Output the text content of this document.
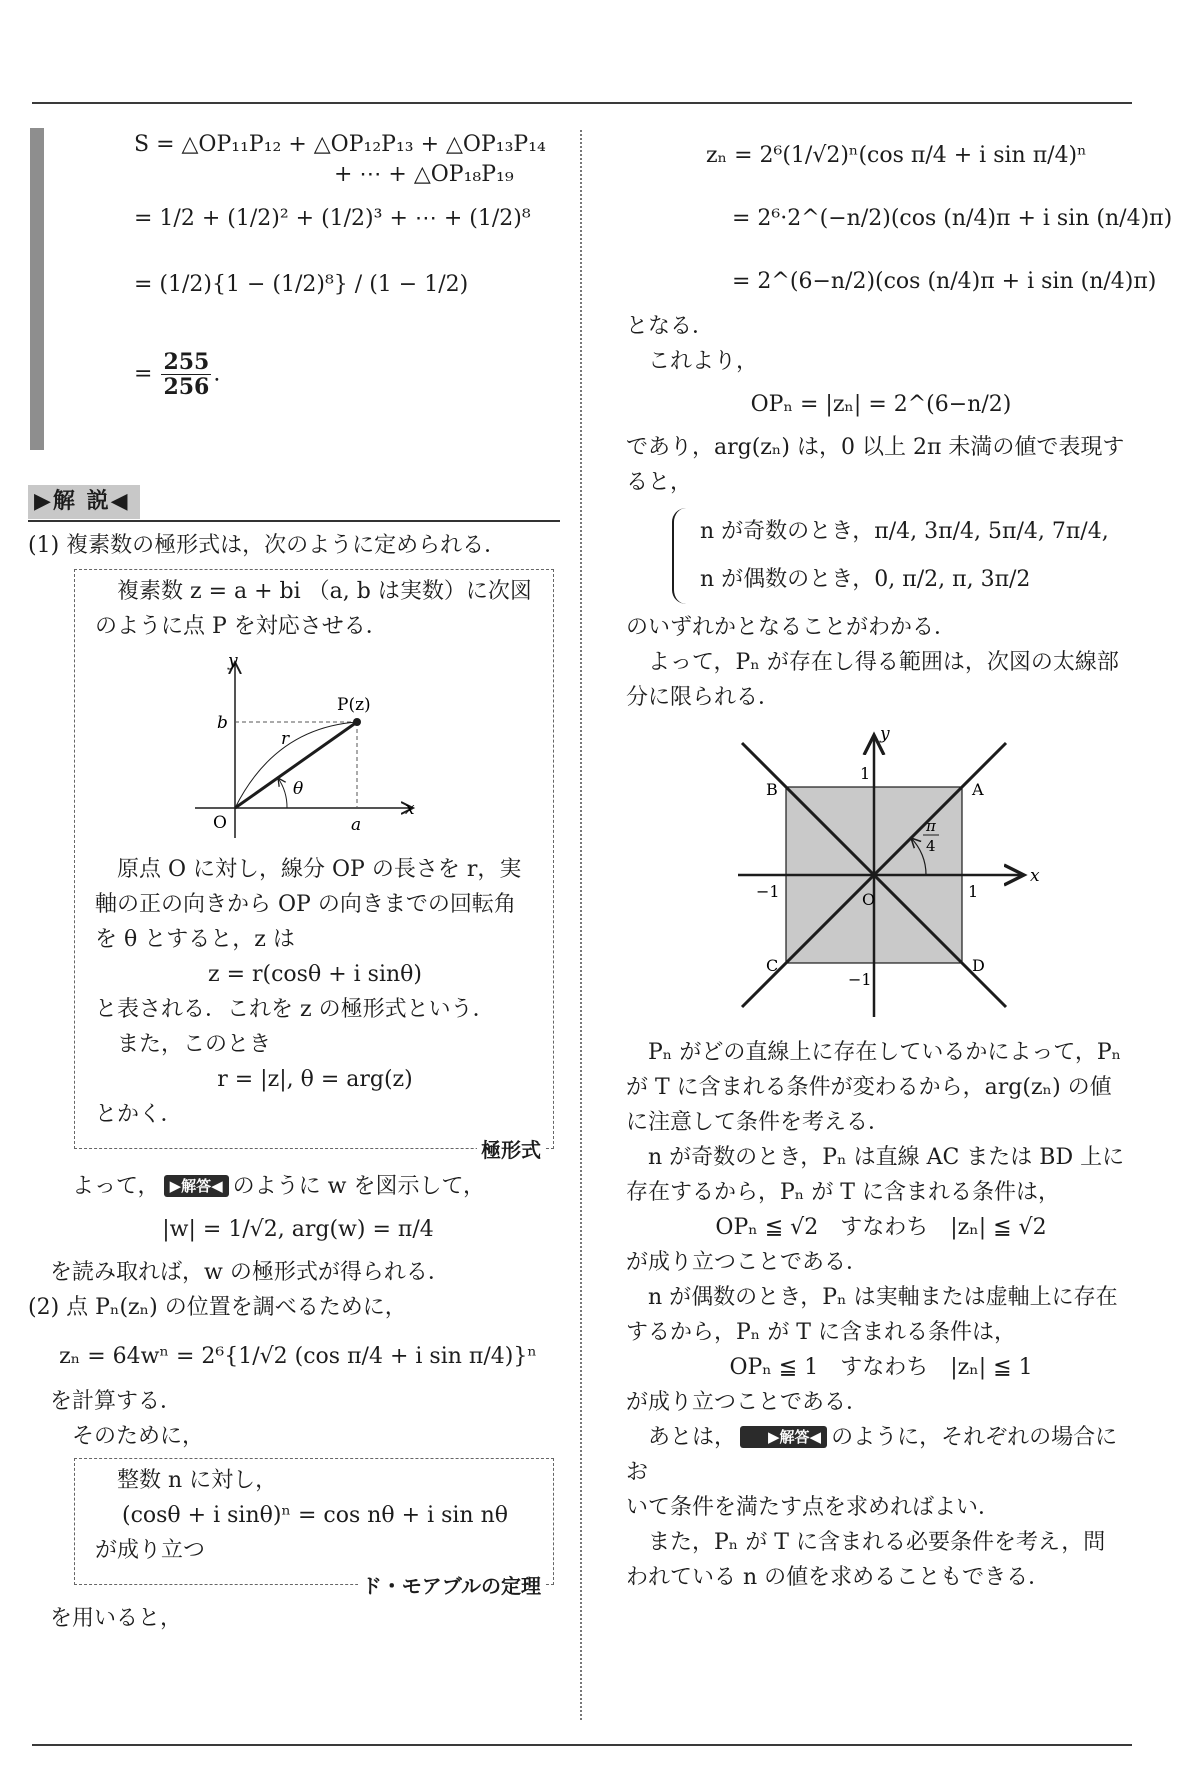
S = △OP₁₁P₁₂ + △OP₁₂P₁₃ + △OP₁₃P₁₄
+ ⋯ + △OP₁₈P₁₉
= 1/2 + (1/2)² + (1/2)³ + ⋯ + (1/2)⁸
= (1/2){1 − (1/2)⁸} / (1 − 1/2)
= $\frac{255}{256}$ .
▶解 説◀

(1) 複素数の極形式は，次のように定められる．

複素数 z = a + bi （a, b は実数）に次図

のように点 P を対応させる．

y
x
b
a
O
P(z)
r
θ

原点 O に対し，線分 OP の長さを r，実

軸の正の向きから OP の向きまでの回転角

を θ とすると，z は

z = r(cosθ + i sinθ)

と表される．これを z の極形式という．

また，このとき

r = |z|, θ = arg(z)

とかく．

極形式

よって， ▶解答◀ のように w を図示して，

|w| = 1/√2, arg(w) = π/4

を読み取れば，w の極形式が得られる．

(2) 点 Pₙ(zₙ) の位置を調べるために，

zₙ = 64wⁿ = 2⁶{1/√2 (cos π/4 + i sin π/4)}ⁿ

を計算する．

そのために，

整数 n に対し，

(cosθ + i sinθ)ⁿ = cos nθ + i sin nθ

が成り立つ

ド・モアブルの定理

を用いると，

zₙ = 2⁶(1/√2)ⁿ(cos π/4 + i sin π/4)ⁿ

= 2⁶·2^(−n/2)(cos (n/4)π + i sin (n/4)π)

= 2^(6−n/2)(cos (n/4)π + i sin (n/4)π)

となる．

これより，

OPₙ = |zₙ| = 2^(6−n/2)

であり，arg(zₙ) は，0 以上 2π 未満の値で表現す

ると，

n が奇数のとき，π/4, 3π/4, 5π/4, 7π/4,

n が偶数のとき，0, π/2, π, 3π/2

のいずれかとなることがわかる．

よって，Pₙ が存在し得る範囲は，次図の太線部

分に限られる．

y
x
1
−1
1
−1	O
A
B
C	D
π
4

Pₙ がどの直線上に存在しているかによって，Pₙ

が T に含まれる条件が変わるから，arg(zₙ) の値

に注意して条件を考える．

n が奇数のとき，Pₙ は直線 AC または BD 上に

存在するから，Pₙ が T に含まれる条件は，

OPₙ ≦ √2　すなわち　|zₙ| ≦ √2

が成り立つことである．

n が偶数のとき，Pₙ は実軸または虚軸上に存在

するから，Pₙ が T に含まれる条件は，

OPₙ ≦ 1　すなわち　|zₙ| ≦ 1

が成り立つことである．

あとは， ▶解答◀ のように，それぞれの場合にお

いて条件を満たす点を求めればよい．

また，Pₙ が T に含まれる必要条件を考え，問

われている n の値を求めることもできる．
